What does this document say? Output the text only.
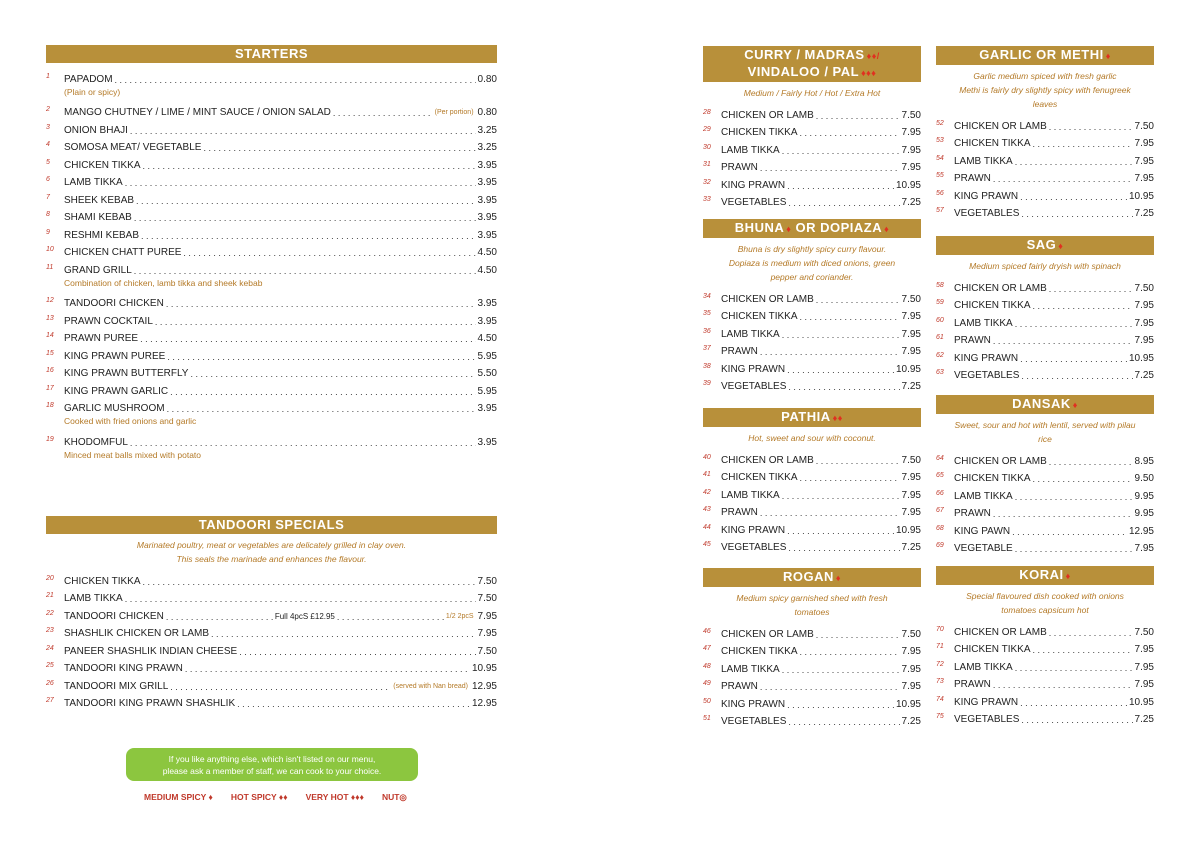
STARTERS
1	PAPADOM . . .	0.80
(Plain or spicy)
2	MANGO CHUTNEY / LIME / MINT SAUCE / ONION SALAD . . .	(Per portion) 0.80
3	ONION BHAJI . . .	3.25
4	SOMOSA MEAT/ VEGETABLE . . .	3.25
5	CHICKEN TIKKA . . .	3.95
6	LAMB TIKKA . . .	3.95
7	SHEEK KEBAB . . .	3.95
8	SHAMI KEBAB . . .	3.95
9	RESHMI KEBAB . . .	3.95
10	CHICKEN CHATT PUREE . . .	4.50
11	GRAND GRILL . . .	4.50
Combination of chicken, lamb tikka and sheek kebab
12	TANDOORI CHICKEN . . .	3.95
13	PRAWN COCKTAIL . . .	3.95
14	PRAWN PUREE . . .	4.50
15	KING PRAWN PUREE . . .	5.95
16	KING PRAWN BUTTERFLY . . .	5.50
17	KING PRAWN GARLIC . . .	5.95
18	GARLIC MUSHROOM . . .	3.95
Cooked with fried onions and garlic
19	KHODOMFUL . . .	3.95
Minced meat balls mixed with potato
TANDOORI SPECIALS
Marinated poultry, meat or vegetables are delicately grilled in clay oven.
This seals the marinade and enhances the flavour.
20	CHICKEN TIKKA . . .	7.50
21	LAMB TIKKA . . .	7.50
22	TANDOORI CHICKEN . . .	Full 4pcS £12.95 . . .	1/2 2pcS 7.95
23	SHASHLIK CHICKEN OR LAMB . . .	7.95
24	PANEER SHASHLIK INDIAN CHEESE . . .	7.50
25	TANDOORI KING PRAWN . . .	10.95
26	TANDOORI MIX GRILL . . .	(served with Nan bread) 12.95
27	TANDOORI KING PRAWN SHASHLIK . . .	12.95
If you like anything else, which isn't listed on our menu,
please ask a member of staff, we can cook to your choice.
MEDIUM SPICY ♦ HOT SPICY ♦♦ VERY HOT ♦♦♦ NUT◎
CURRY / MADRAS ♦♦/
VINDALOO / PAL ♦♦♦
Medium / Fairly Hot / Hot / Extra Hot
28	CHICKEN OR LAMB . . .	7.50
29	CHICKEN TIKKA . . .	7.95
30	LAMB TIKKA . . .	7.95
31	PRAWN . . .	7.95
32	KING PRAWN . . .	10.95
33	VEGETABLES . . .	7.25
BHUNA ♦ OR DOPIAZA ♦
Bhuna is dry slightly spicy curry flavour.
Dopiaza is medium with diced onions, green
pepper and coriander.
34	CHICKEN OR LAMB . . .	7.50
35	CHICKEN TIKKA . . .	7.95
36	LAMB TIKKA . . .	7.95
37	PRAWN . . .	7.95
38	KING PRAWN . . .	10.95
39	VEGETABLES . . .	7.25
PATHIA ♦♦
Hot, sweet and sour with coconut.
40	CHICKEN OR LAMB . . .	7.50
41	CHICKEN TIKKA . . .	7.95
42	LAMB TIKKA . . .	7.95
43	PRAWN . . .	7.95
44	KING PRAWN . . .	10.95
45	VEGETABLES . . .	7.25
ROGAN ♦
Medium spicy garnished shed with fresh
tomatoes
46	CHICKEN OR LAMB . . .	7.50
47	CHICKEN TIKKA . . .	7.95
48	LAMB TIKKA . . .	7.95
49	PRAWN . . .	7.95
50	KING PRAWN . . .	10.95
51	VEGETABLES . . .	7.25
GARLIC OR METHI ♦
Garlic medium spiced with fresh garlic
Methi is fairly dry slightly spicy with fenugreek
leaves
52	CHICKEN OR LAMB . . .	7.50
53	CHICKEN TIKKA . . .	7.95
54	LAMB TIKKA . . .	7.95
55	PRAWN . . .	7.95
56	KING PRAWN . . .	10.95
57	VEGETABLES . . .	7.25
SAG ♦
Medium spiced fairly dryish with spinach
58	CHICKEN OR LAMB . . .	7.50
59	CHICKEN TIKKA . . .	7.95
60	LAMB TIKKA . . .	7.95
61	PRAWN . . .	7.95
62	KING PRAWN . . .	10.95
63	VEGETABLES . . .	7.25
DANSAK ♦
Sweet, sour and hot with lentil, served with pilau
rice
64	CHICKEN OR LAMB . . .	8.95
65	CHICKEN TIKKA . . .	9.50
66	LAMB TIKKA . . .	9.95
67	PRAWN . . .	9.95
68	KING PAWN . . .	12.95
69	VEGETABLE . . .	7.95
KORAI ♦
Special flavoured dish cooked with onions
tomatoes capsicum hot
70	CHICKEN OR LAMB . . .	7.50
71	CHICKEN TIKKA . . .	7.95
72	LAMB TIKKA . . .	7.95
73	PRAWN . . .	7.95
74	KING PRAWN . . .	10.95
75	VEGETABLES . . .	7.25
